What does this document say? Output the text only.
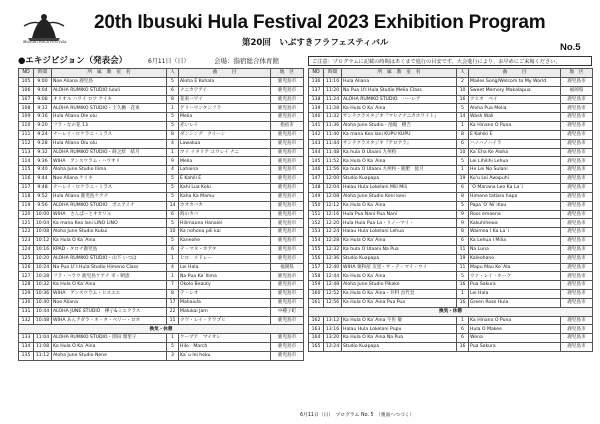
IBUSUKI HULA FESTIVAL
20th Ibusuki Hula Festival 2023 Exhibition Program
第20回　いぶすきフラフェスティバル	No.5
●エキジビジョン（発表会）	6月11日（日）	会場：指宿総合体育館	ご注意：プログラムに記載の時間はあくまで進行の目安です。大会進行により、お早めにご来場ください。
NO	時間	所　属　教　室　名	人	曲　　　目	地　区
105	9:00	Noe Aliana 鹿児島	5	Aloha E Kohala	鹿児島市
106	9:04	ALOHA RUMIKO STUDIO Iululi	6	ナニカワアイ	鹿児島市
107	9:08	オリオル ハワイ ロワ ケイキ	8	花束ハワイ	鹿児島市
108	9:12	ALOHA RUMIKO STUDIO・上久樋　花束	1	ゲリーウンタンフラ	鹿児島市
109	9:16	Hula Allana Ole olu	5	Melia	鹿児島市
110	9:20	フラ・なの花 13	5	赤いレイ	指宿市
111	9:24	ナーレイ・ロケラニ・ミラス	8	ダンシング　クイーン	鹿児島市
112	9:28	Hula Allana Olu olu	4	Lawakua	鹿児島市
113	9:32	ALOHA RUMIKO STUDIO・蒔之原　結月	1	マイ イタリア ユウレイ ナニ	鹿児島市
114	9:36	WIHA　アンスウラム・ハワオリ	9	Melia	鹿児島市
115	9:40	Aloha June Studio Ilima	4	Lahaina	鹿児島市
116	9:44	Noe Aliana ケイキ	5	E Kahili E	鹿児島市
117	9:48	ナーレイ・ロケラニ・ミラス	5	Kahi Lua Kolu	鹿児島市
118	9:52	Hula Aliana 鹿児島ケアナ	5	Kaha Ka Mamu	鹿児島市
119	9:56	ALOHA RUMIKO STUDIO　ポエアイナ	14	ホオカバカ	鹿児島市
120	10:00	WIHA　さんぱーとオカリル	6	海のカバ	鹿児島市
121	10:04	Ka mana Kea lani LINO LINO	5	Hilimauna Hanalei	鹿児島市
122	10:08	Aloha June Studio Kukui	10	Ka nohona pili kai	鹿児島市
123	10:12	Ka Hula O Ka`Aina	5	Kaneohe	鹿児島市
124	10:16	KPAD・タロナ鹿児島	6	テ・マヌ・ホアタ	鹿児島市
125	10:20	ALOHA RUMIKO STUDIO・山下 いつは	1	ヒロ　メドレー	鹿児島市
126	10:24	Na Pua U`I Hula Studio Himeno Class	4	Lei Hala	福岡県
127	10:28	フラ・ハラウ 鹿児島ケアナ 幸・朝恵	1	Na Pua Ka`Ilima	鹿児島市
128	10:32	Ka Hula O Ka`Aina	7	Okolo Beauty	鹿児島市
129	10:36	WIHA　アンスウラム・ヒスエエ	8	テ・レオ	鹿児島市
130	10:40	Noe Aliana	17	Mahaiula	鹿児島市
131	10:44	ALOHA JUNE STUDIO　樺子&ミエクラス	22	Malukai Jam	中種子町
132	10:48	WIHA あんアダラ・オ・タ・ペリー・ロオ	11	クワ・レイ・アワプヒ	鹿児島市
換気・休憩					
133	11:04	ALOHA RUMIKO STUDIO・園田 瑠里子	1	ケープア　マイオレ	鹿児島市
134	11:08	Ka Hula O Ka`Aina	5	Hilo　March	鹿児島市
135	11:12	Aloha June Studio Nene	3	Ka`u lei hoku	鹿児島市
NO	時間	所　属　教　室　名	人	曲　　　目	地　区
136	11:16	Hula Aliana	2	Mailes Song/Welcom to My World	鹿児島市
137	11:20	Na Pua U'I Hula Studio Melia Class	10	Sweet Memory Makalapua	福岡県
138	11:24	ALOHA RUMIKO STUDIO　ハーレア	16	クヒオ　ベイ	鹿児島市
139	11:28	Ka Hula O Ka`Aina	5	Aloha Pua Melia	鹿児島市
140	11:32	サンテクラスタジオ『マヒナナニカホワイト』	14	Wash Wali	鹿児島市
141	11:36	Aloha June Studio・池亀　樹吉	1	Ka Hinano O Puna	鹿児島市
142	11:40	Ka mana Kea lani KUPU KUPU	8	E Kahiki E	鹿児島市
143	11:44	サンテクラスタジオ『アロアラ』	6	ハノハノハイラ	鹿児島市
144	11:48	Ka hula O Ulaani 九州校	10	Ka`Eha Ke Aloha	鹿児島市
145	11:52	Ka Hula O Ka`Aina	5	Lei Lihilihi Lehua	鹿児島市
146	11:56	Ka hula O Ulaani 九州校・鹿肥　紘月	1	He Lei No Sulani	鹿児島市
147	12:00	Studio Kuapapa	19	Ku'u Lei Awapuhi	鹿児島市
148	12:04	Halau Hula Lokelani Mili Mili	6	`O Manana Leo Ka La`i	鹿児島市
149	12:08	Aloha June Studio Keni keni	8	Himene tatiaro hapa	鹿児島市
150	12:12	Ka Hula O Ka`Aina	5	Papa`O`Ni`ihau	鹿児島市
151	12:16	Hula Pua Nani Pua Nani	9	Ross emaena	鹿児島市
152	12:20	Hula Hula Pua La・リノーマイ・	9	Kakuhihewa	鹿児島市
153	12:24	Halau Hula Lokelani Lehua	8	Waimea I Ka La`i	鹿児島市
154	12:28	Ka Hula O Ka`Aina	6	Ka Lehua I Milia	鹿児島市
155	12:32	Ka hula O Ulaani Na Pua	11	Na Luna	鹿児島市
156	12:36	Studio Kuapapa	19	Kaleohano	鹿児島市
157	12:40	WIHA 栗和屋 友里・サ・テ・マイ・ウイ	11	Mapu Mau Ke`Ala	鹿児島市
158	12:44	Ka Hula O Ka`Aina	5	ウァ・レイ・ホーク	鹿児島市
159	12:48	Aloha June Studio Pikake	16	Pua Sakura	鹿児島市
160	12:52	Ka Hula O Ka`Aina・井料 貞代見	1	Lei Hala	鹿児島市
161	12:56	Ka Hula O Ka`Aina Pua Pua	16	Green Rose Hula	鹿児島市
換気・休憩					
162	13:12	Ka Hula O Ka`Aina 宇佐 敏	1	Ka Hinano O Puna	鹿児島市
163	13:16	Halau Hula Lokelani Pupu	6	Hula O Makee	鹿児島市
164	13:20	Ka Hula O Ka`Aina Na Pua	6	Wena	鹿児島市
165	13:24	Studio Kuapapa	16	Pua Sakura	鹿児島市
6月11日（日）　プログラム No. 5　（裏面へつづく）
